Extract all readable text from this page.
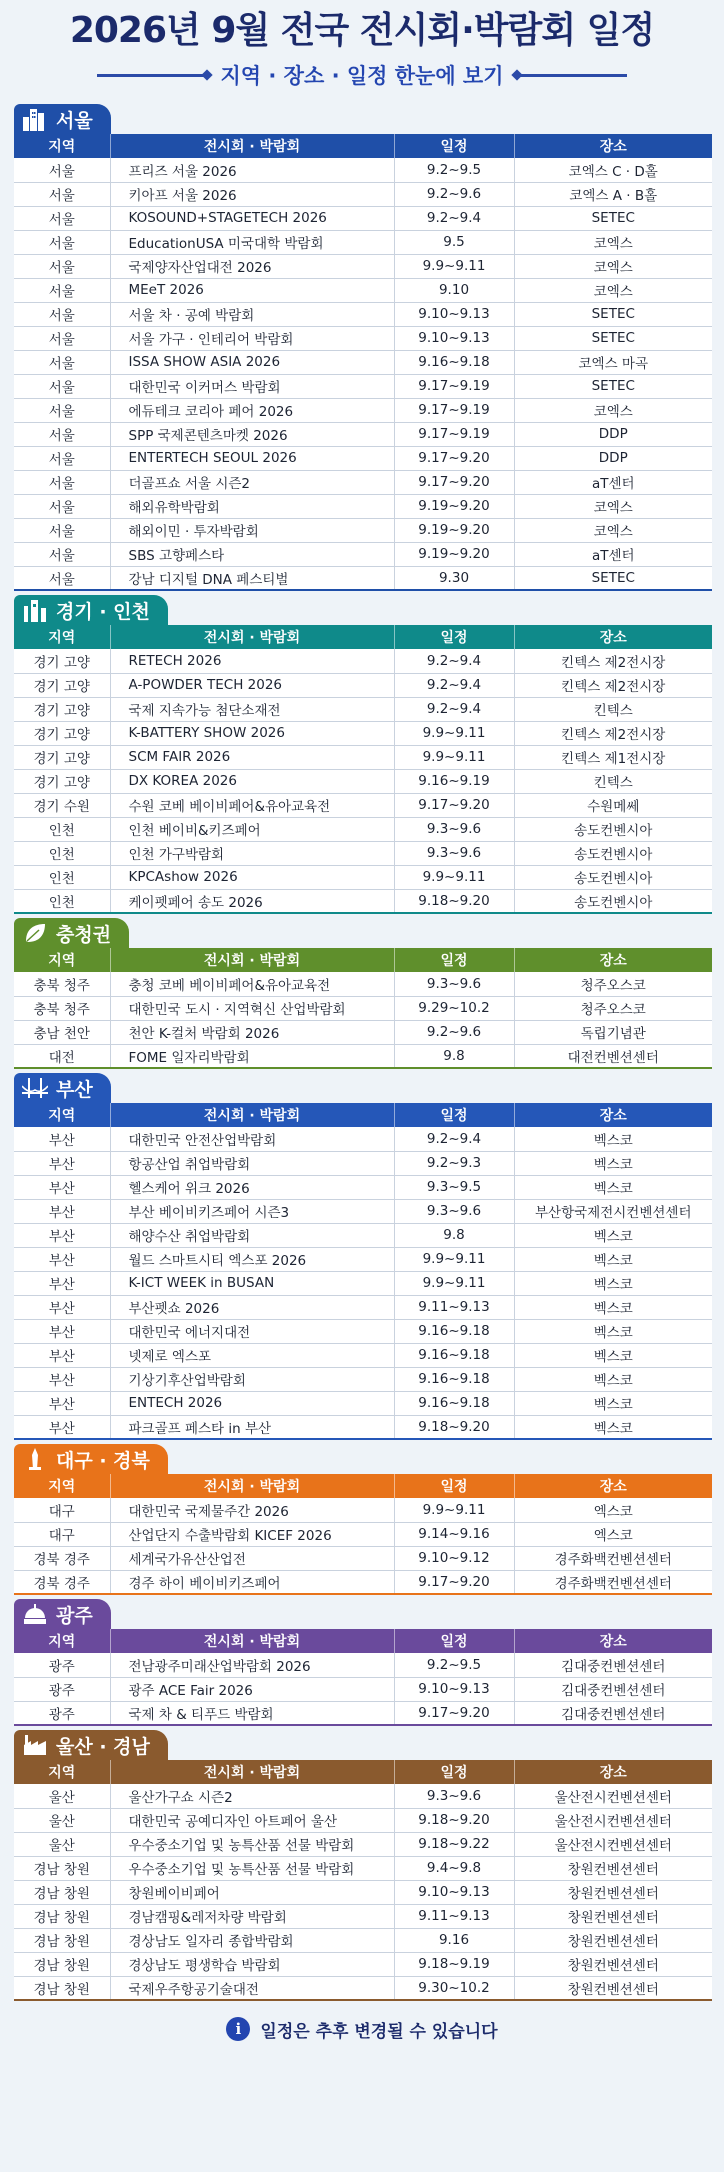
2026년 9월 전국 전시회·박람회 일정
지역 · 장소 · 일정 한눈에 보기
서울
지역	전시회 · 박람회	일정	장소
서울	프리즈 서울 2026	9.2~9.5	코엑스 C · D홀
서울	키아프 서울 2026	9.2~9.6	코엑스 A · B홀
서울	KOSOUND+STAGETECH 2026	9.2~9.4	SETEC
서울	EducationUSA 미국대학 박람회	9.5	코엑스
서울	국제양자산업대전 2026	9.9~9.11	코엑스
서울	MEeT 2026	9.10	코엑스
서울	서울 차 · 공예 박람회	9.10~9.13	SETEC
서울	서울 가구 · 인테리어 박람회	9.10~9.13	SETEC
서울	ISSA SHOW ASIA 2026	9.16~9.18	코엑스 마곡
서울	대한민국 이커머스 박람회	9.17~9.19	SETEC
서울	에듀테크 코리아 페어 2026	9.17~9.19	코엑스
서울	SPP 국제콘텐츠마켓 2026	9.17~9.19	DDP
서울	ENTERTECH SEOUL 2026	9.17~9.20	DDP
서울	더골프쇼 서울 시즌2	9.17~9.20	aT센터
서울	해외유학박람회	9.19~9.20	코엑스
서울	해외이민 · 투자박람회	9.19~9.20	코엑스
서울	SBS 고향페스타	9.19~9.20	aT센터
서울	강남 디지털 DNA 페스티벌	9.30	SETEC
경기 · 인천
지역	전시회 · 박람회	일정	장소
경기 고양	RETECH 2026	9.2~9.4	킨텍스 제2전시장
경기 고양	A-POWDER TECH 2026	9.2~9.4	킨텍스 제2전시장
경기 고양	국제 지속가능 첨단소재전	9.2~9.4	킨텍스
경기 고양	K-BATTERY SHOW 2026	9.9~9.11	킨텍스 제2전시장
경기 고양	SCM FAIR 2026	9.9~9.11	킨텍스 제1전시장
경기 고양	DX KOREA 2026	9.16~9.19	킨텍스
경기 수원	수원 코베 베이비페어&유아교육전	9.17~9.20	수원메쎄
인천	인천 베이비&키즈페어	9.3~9.6	송도컨벤시아
인천	인천 가구박람회	9.3~9.6	송도컨벤시아
인천	KPCAshow 2026	9.9~9.11	송도컨벤시아
인천	케이펫페어 송도 2026	9.18~9.20	송도컨벤시아
충청권
지역	전시회 · 박람회	일정	장소
충북 청주	충청 코베 베이비페어&유아교육전	9.3~9.6	청주오스코
충북 청주	대한민국 도시 · 지역혁신 산업박람회	9.29~10.2	청주오스코
충남 천안	천안 K-컬처 박람회 2026	9.2~9.6	독립기념관
대전	FOME 일자리박람회	9.8	대전컨벤션센터
부산
지역	전시회 · 박람회	일정	장소
부산	대한민국 안전산업박람회	9.2~9.4	벡스코
부산	항공산업 취업박람회	9.2~9.3	벡스코
부산	헬스케어 위크 2026	9.3~9.5	벡스코
부산	부산 베이비키즈페어 시즌3	9.3~9.6	부산항국제전시컨벤션센터
부산	해양수산 취업박람회	9.8	벡스코
부산	월드 스마트시티 엑스포 2026	9.9~9.11	벡스코
부산	K-ICT WEEK in BUSAN	9.9~9.11	벡스코
부산	부산펫쇼 2026	9.11~9.13	벡스코
부산	대한민국 에너지대전	9.16~9.18	벡스코
부산	넷제로 엑스포	9.16~9.18	벡스코
부산	기상기후산업박람회	9.16~9.18	벡스코
부산	ENTECH 2026	9.16~9.18	벡스코
부산	파크골프 페스타 in 부산	9.18~9.20	벡스코
대구 · 경북
지역	전시회 · 박람회	일정	장소
대구	대한민국 국제물주간 2026	9.9~9.11	엑스코
대구	산업단지 수출박람회 KICEF 2026	9.14~9.16	엑스코
경북 경주	세계국가유산산업전	9.10~9.12	경주화백컨벤션센터
경북 경주	경주 하이 베이비키즈페어	9.17~9.20	경주화백컨벤션센터
광주
지역	전시회 · 박람회	일정	장소
광주	전남광주미래산업박람회 2026	9.2~9.5	김대중컨벤션센터
광주	광주 ACE Fair 2026	9.10~9.13	김대중컨벤션센터
광주	국제 차 & 티푸드 박람회	9.17~9.20	김대중컨벤션센터
울산 · 경남
지역	전시회 · 박람회	일정	장소
울산	울산가구쇼 시즌2	9.3~9.6	울산전시컨벤션센터
울산	대한민국 공예디자인 아트페어 울산	9.18~9.20	울산전시컨벤션센터
울산	우수중소기업 및 농특산품 선물 박람회	9.18~9.22	울산전시컨벤션센터
경남 창원	우수중소기업 및 농특산품 선물 박람회	9.4~9.8	창원컨벤션센터
경남 창원	창원베이비페어	9.10~9.13	창원컨벤션센터
경남 창원	경남캠핑&레저차량 박람회	9.11~9.13	창원컨벤션센터
경남 창원	경상남도 일자리 종합박람회	9.16	창원컨벤션센터
경남 창원	경상남도 평생학습 박람회	9.18~9.19	창원컨벤션센터
경남 창원	국제우주항공기술대전	9.30~10.2	창원컨벤션센터
i	일정은 추후 변경될 수 있습니다
